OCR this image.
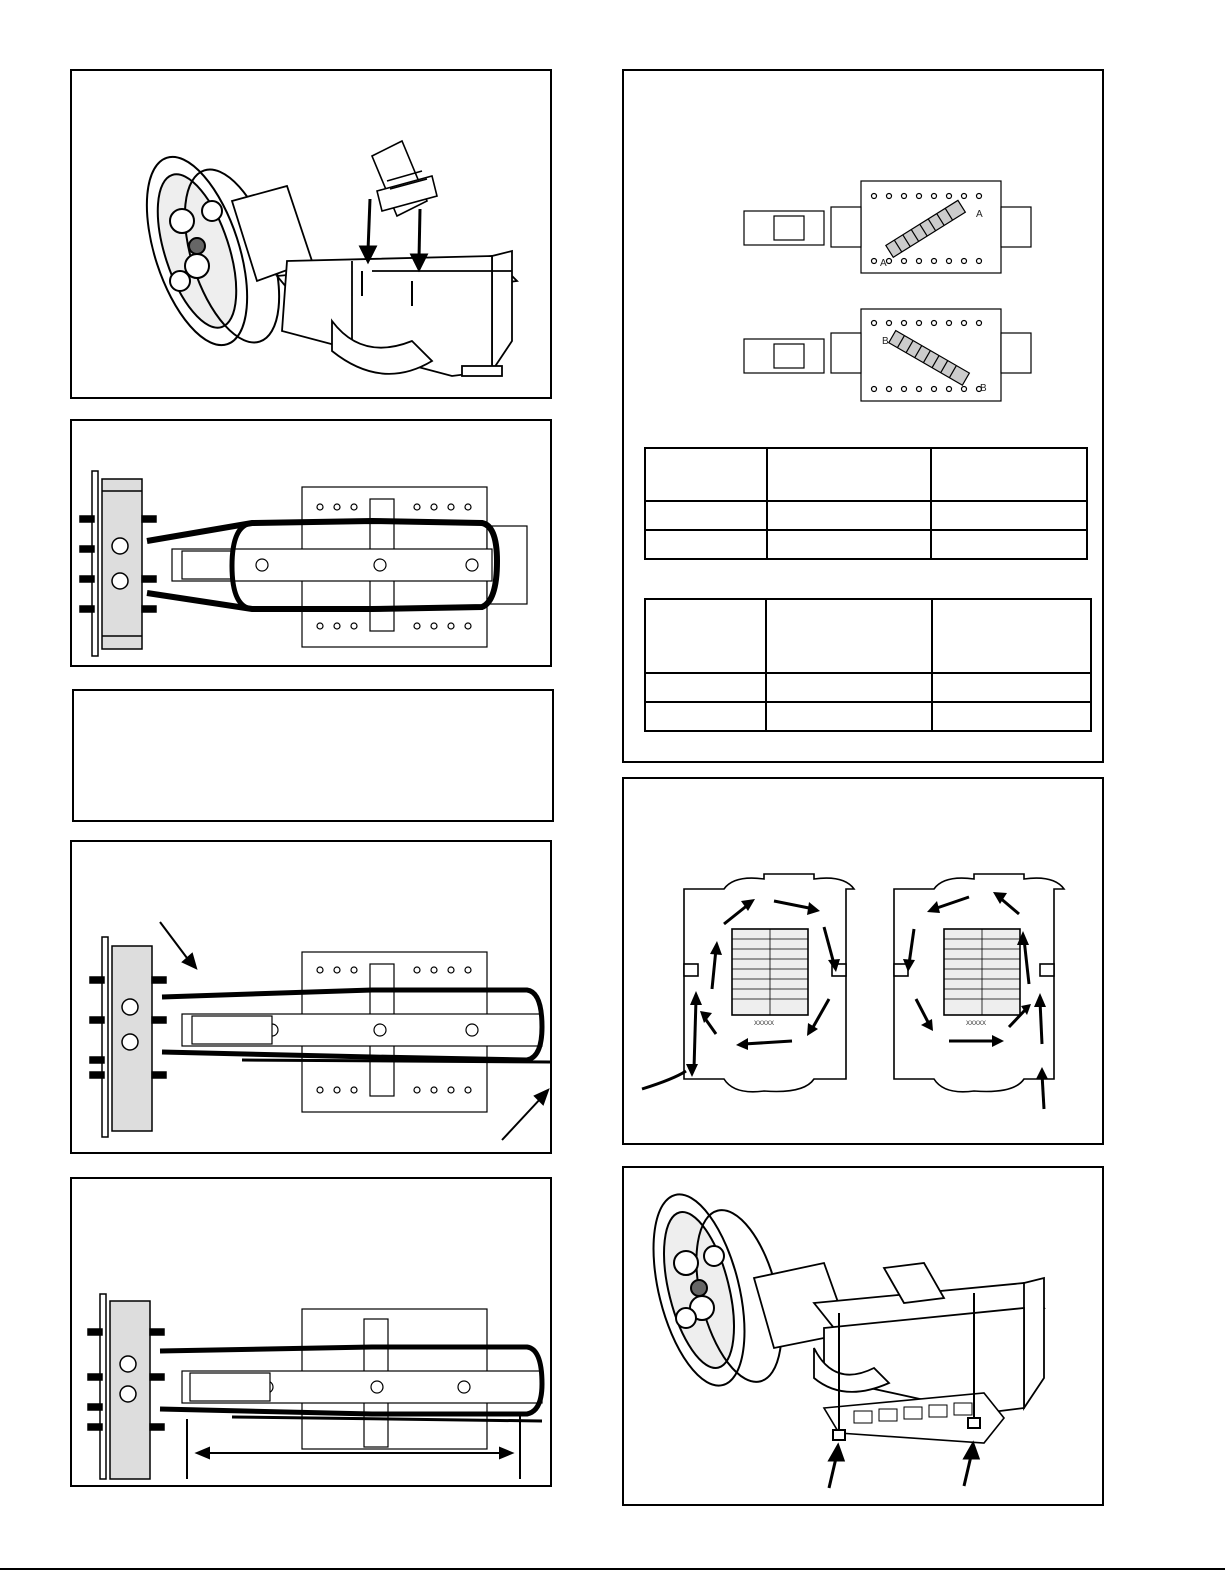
A
A
B
B

XXXXX	XXXXX
